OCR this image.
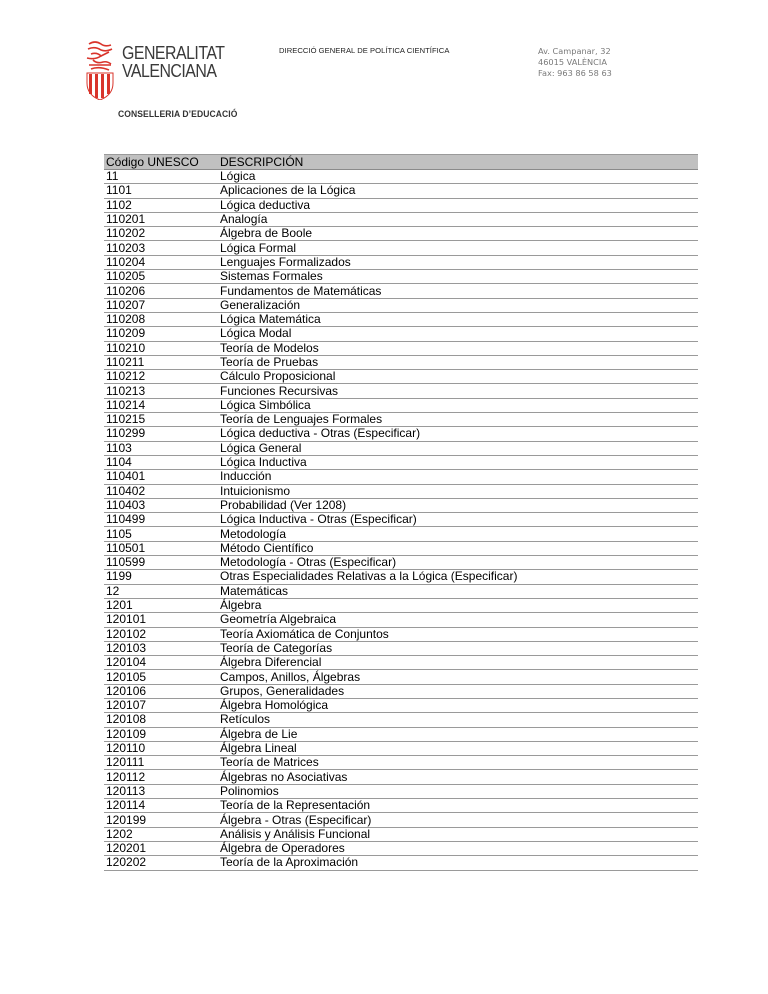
GENERALITAT
VALENCIANA
CONSELLERIA D’EDUCACIÓ
DIRECCIÓ GENERAL DE POLÍTICA CIENTÍFICA	Av. Campanar, 32
46015 VALÈNCIA
Fax: 963 86 58 63
Código UNESCO	DESCRIPCIÓN
11	Lógica
1101	Aplicaciones de la Lógica
1102	Lógica deductiva
110201	Analogía
110202	Álgebra de Boole
110203	Lógica Formal
110204	Lenguajes Formalizados
110205	Sistemas Formales
110206	Fundamentos de Matemáticas
110207	Generalización
110208	Lógica Matemática
110209	Lógica Modal
110210	Teoría de Modelos
110211	Teoría de Pruebas
110212	Cálculo Proposicional
110213	Funciones Recursivas
110214	Lógica Simbólica
110215	Teoría de Lenguajes Formales
110299	Lógica deductiva - Otras (Especificar)
1103	Lógica General
1104	Lógica Inductiva
110401	Inducción
110402	Intuicionismo
110403	Probabilidad (Ver 1208)
110499	Lógica Inductiva - Otras (Especificar)
1105	Metodología
110501	Método Científico
110599	Metodología - Otras (Especificar)
1199	Otras Especialidades Relativas a la Lógica (Especificar)
12	Matemáticas
1201	Álgebra
120101	Geometría Algebraica
120102	Teoría Axiomática de Conjuntos
120103	Teoría de Categorías
120104	Álgebra Diferencial
120105	Campos, Anillos, Álgebras
120106	Grupos, Generalidades
120107	Álgebra Homológica
120108	Retículos
120109	Álgebra de Lie
120110	Álgebra Lineal
120111	Teoría de Matrices
120112	Álgebras no Asociativas
120113	Polinomios
120114	Teoría de la Representación
120199	Álgebra - Otras (Especificar)
1202	Análisis y Análisis Funcional
120201	Álgebra de Operadores
120202	Teoría de la Aproximación
